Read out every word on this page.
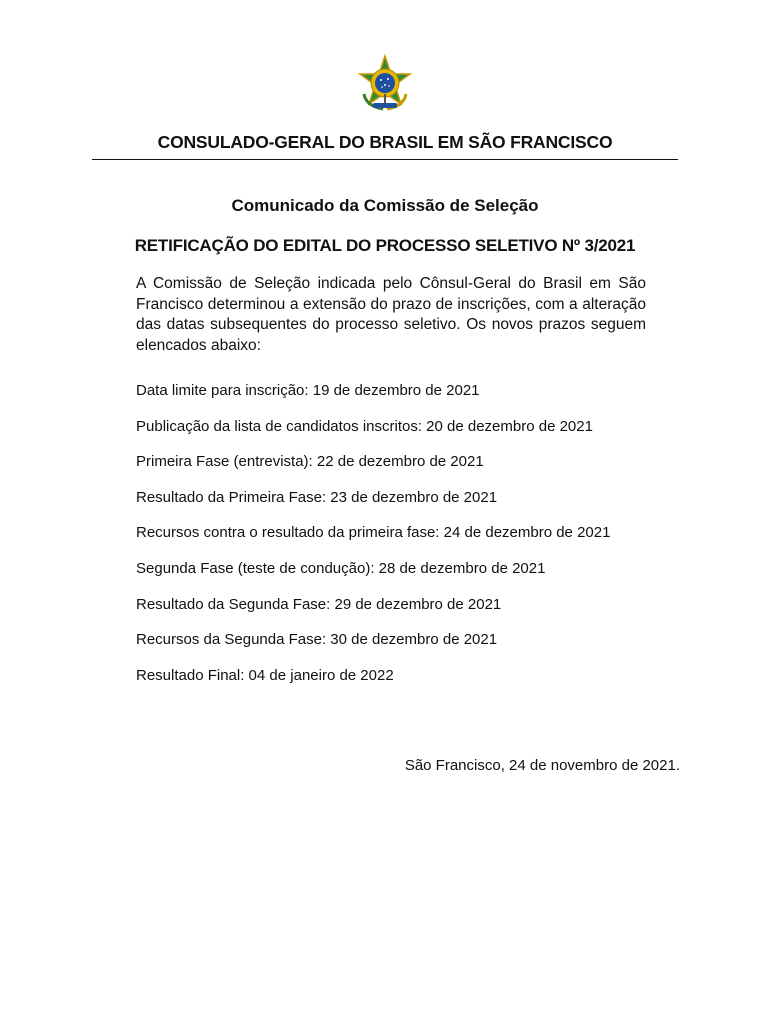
CONSULADO-GERAL DO BRASIL EM SÃO FRANCISCO
Comunicado da Comissão de Seleção
RETIFICAÇÃO DO EDITAL DO PROCESSO SELETIVO Nº 3/2021
A Comissão de Seleção indicada pelo Cônsul-Geral do Brasil em São Francisco determinou a extensão do prazo de inscrições, com a alteração das datas subsequentes do processo seletivo. Os novos prazos seguem elencados abaixo:
Data limite para inscrição: 19 de dezembro de 2021
Publicação da lista de candidatos inscritos: 20 de dezembro de 2021
Primeira Fase (entrevista): 22 de dezembro de 2021
Resultado da Primeira Fase: 23 de dezembro de 2021
Recursos contra o resultado da primeira fase: 24 de dezembro de 2021
Segunda Fase (teste de condução): 28 de dezembro de 2021
Resultado da Segunda Fase: 29 de dezembro de 2021
Recursos da Segunda Fase: 30 de dezembro de 2021
Resultado Final: 04 de janeiro de 2022
São Francisco, 24 de novembro de 2021.
